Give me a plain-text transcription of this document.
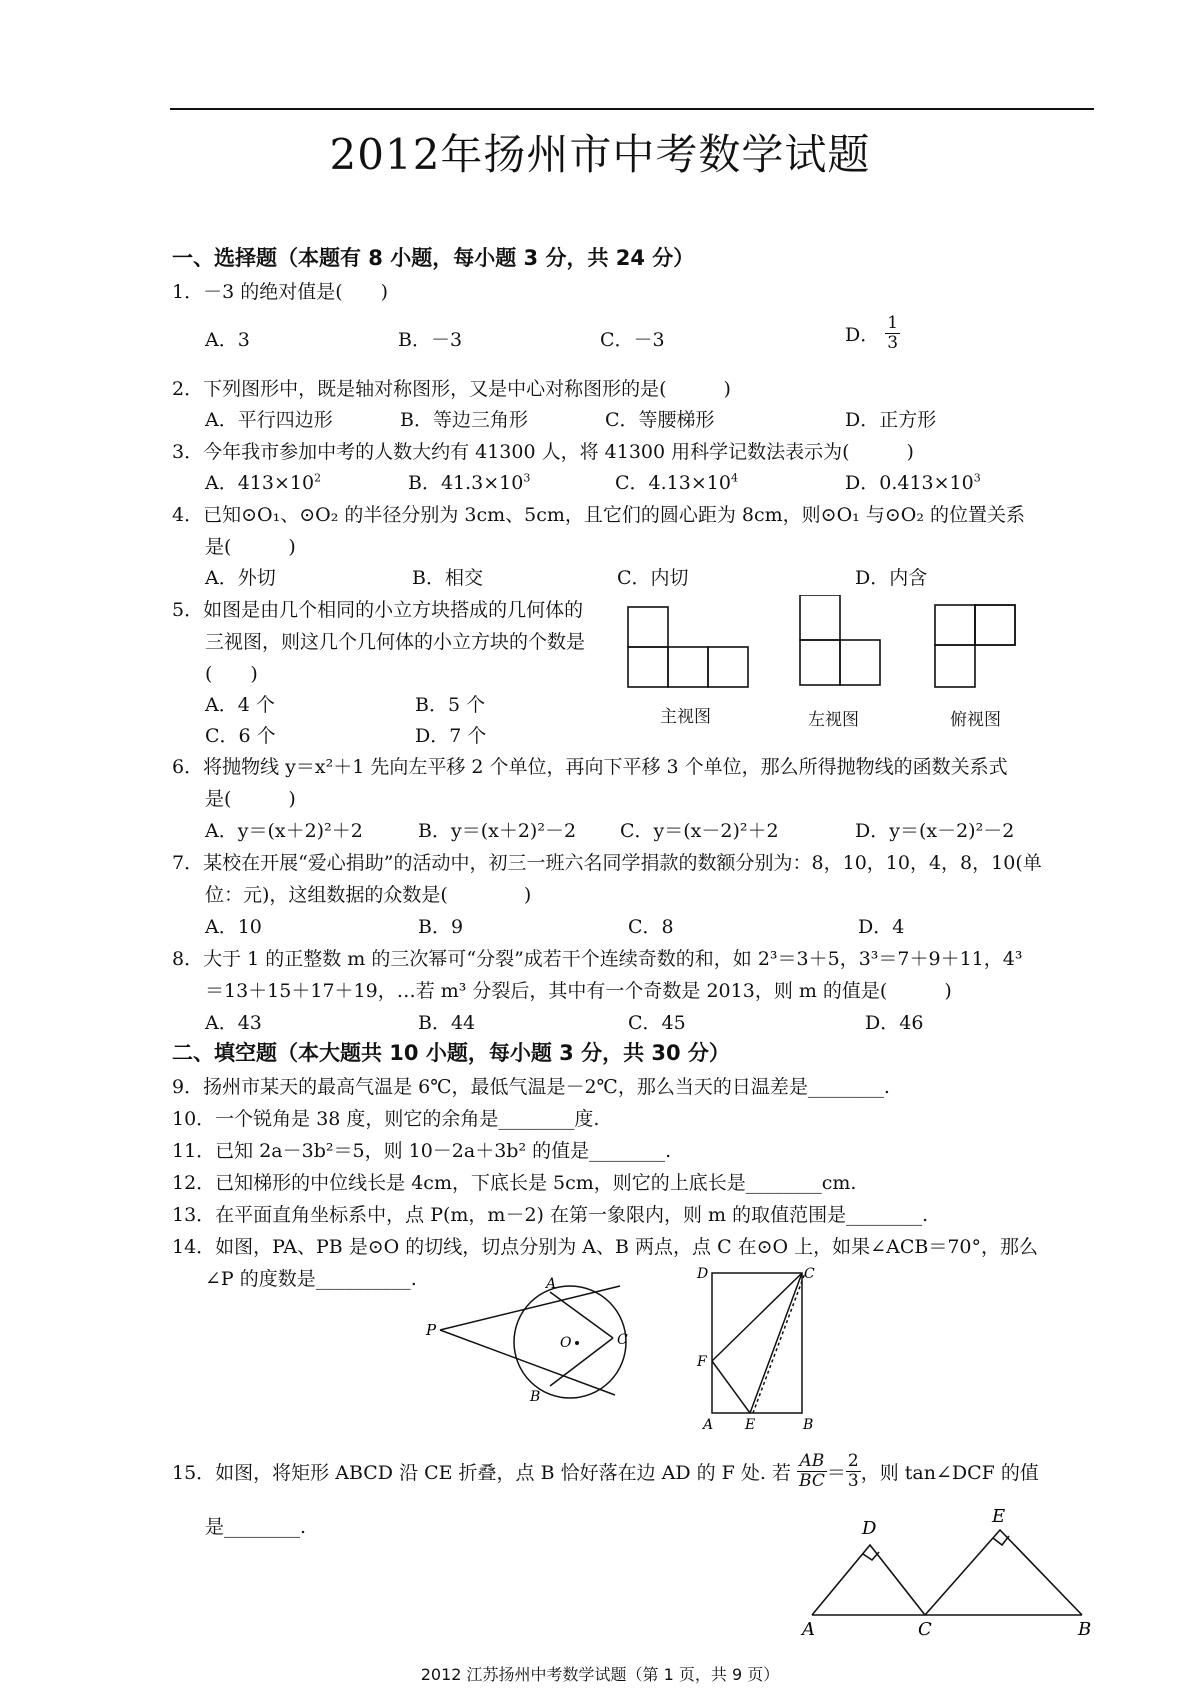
2012年扬州市中考数学试题
一、选择题（本题有 8 小题，每小题 3 分，共 24 分）
1．－3 的绝对值是(　　)
A．3	B．－3	C．－3	D． $\frac{1}{3}$
2．下列图形中，既是轴对称图形，又是中心对称图形的是(　　　)
A．平行四边形	B．等边三角形	C．等腰梯形	D．正方形
3．今年我市参加中考的人数大约有 41300 人，将 41300 用科学记数法表示为(　　　)
A．$413\times 10^2$	B．$41.3\times 10^3$	C．$4.13\times 10^4$	D．$0.413\times 10^3$
4．已知⊙O₁、⊙O₂ 的半径分别为 3cm、5cm，且它们的圆心距为 8cm，则⊙O₁ 与⊙O₂ 的位置关系
是(　　　)
A．外切	B．相交	C．内切	D．内含
5．如图是由几个相同的小立方块搭成的几何体的
三视图，则这几个几何体的小立方块的个数是
(　　)
A．4 个	B．5 个
C．6 个	D．7 个
主视图	左视图	俯视图
6．将抛物线 y＝x²＋1 先向左平移 2 个单位，再向下平移 3 个单位，那么所得抛物线的函数关系式
是(　　　)
A．y＝(x＋2)²＋2	B．y＝(x＋2)²－2 C．y＝(x－2)²＋2	D．y＝(x－2)²－2
7．某校在开展“爱心捐助”的活动中，初三一班六名同学捐款的数额分别为：8，10，10，4，8，10(单
位：元)，这组数据的众数是(　　　　)
A．10	B．9	C．8	D．4
8．大于 1 的正整数 m 的三次幂可“分裂”成若干个连续奇数的和，如 2³＝3＋5，3³＝7＋9＋11，4³
＝13＋15＋17＋19，…若 m³ 分裂后，其中有一个奇数是 2013，则 m 的值是(　　　)
A．43	B．44	C．45	D．46
二、填空题（本大题共 10 小题，每小题 3 分，共 30 分）
9．扬州市某天的最高气温是 6℃，最低气温是－2℃，那么当天的日温差是________.
10．一个锐角是 38 度，则它的余角是________度.
11．已知 2a－3b²＝5，则 10－2a＋3b² 的值是________.
12．已知梯形的中位线长是 4cm，下底长是 5cm，则它的上底长是________cm.
13．在平面直角坐标系中，点 P(m，m－2) 在第一象限内，则 m 的取值范围是________.
14．如图，PA、PB 是⊙O 的切线，切点分别为 A、B 两点，点 C 在⊙O 上，如果∠ACB＝70°，那么
∠P 的度数是__________.
P
A
B
C
O
D	C
F
A E	B
15．如图，将矩形 ABCD 沿 CE 折叠，点 B 恰好落在边 AD 的 F 处. 若 $\frac{AB}{BC} = \frac{2}{3}$ ，则 tan∠DCF 的值
是________.	D
E
A	C	B
2012 江苏扬州中考数学试题（第 1 页，共 9 页）
